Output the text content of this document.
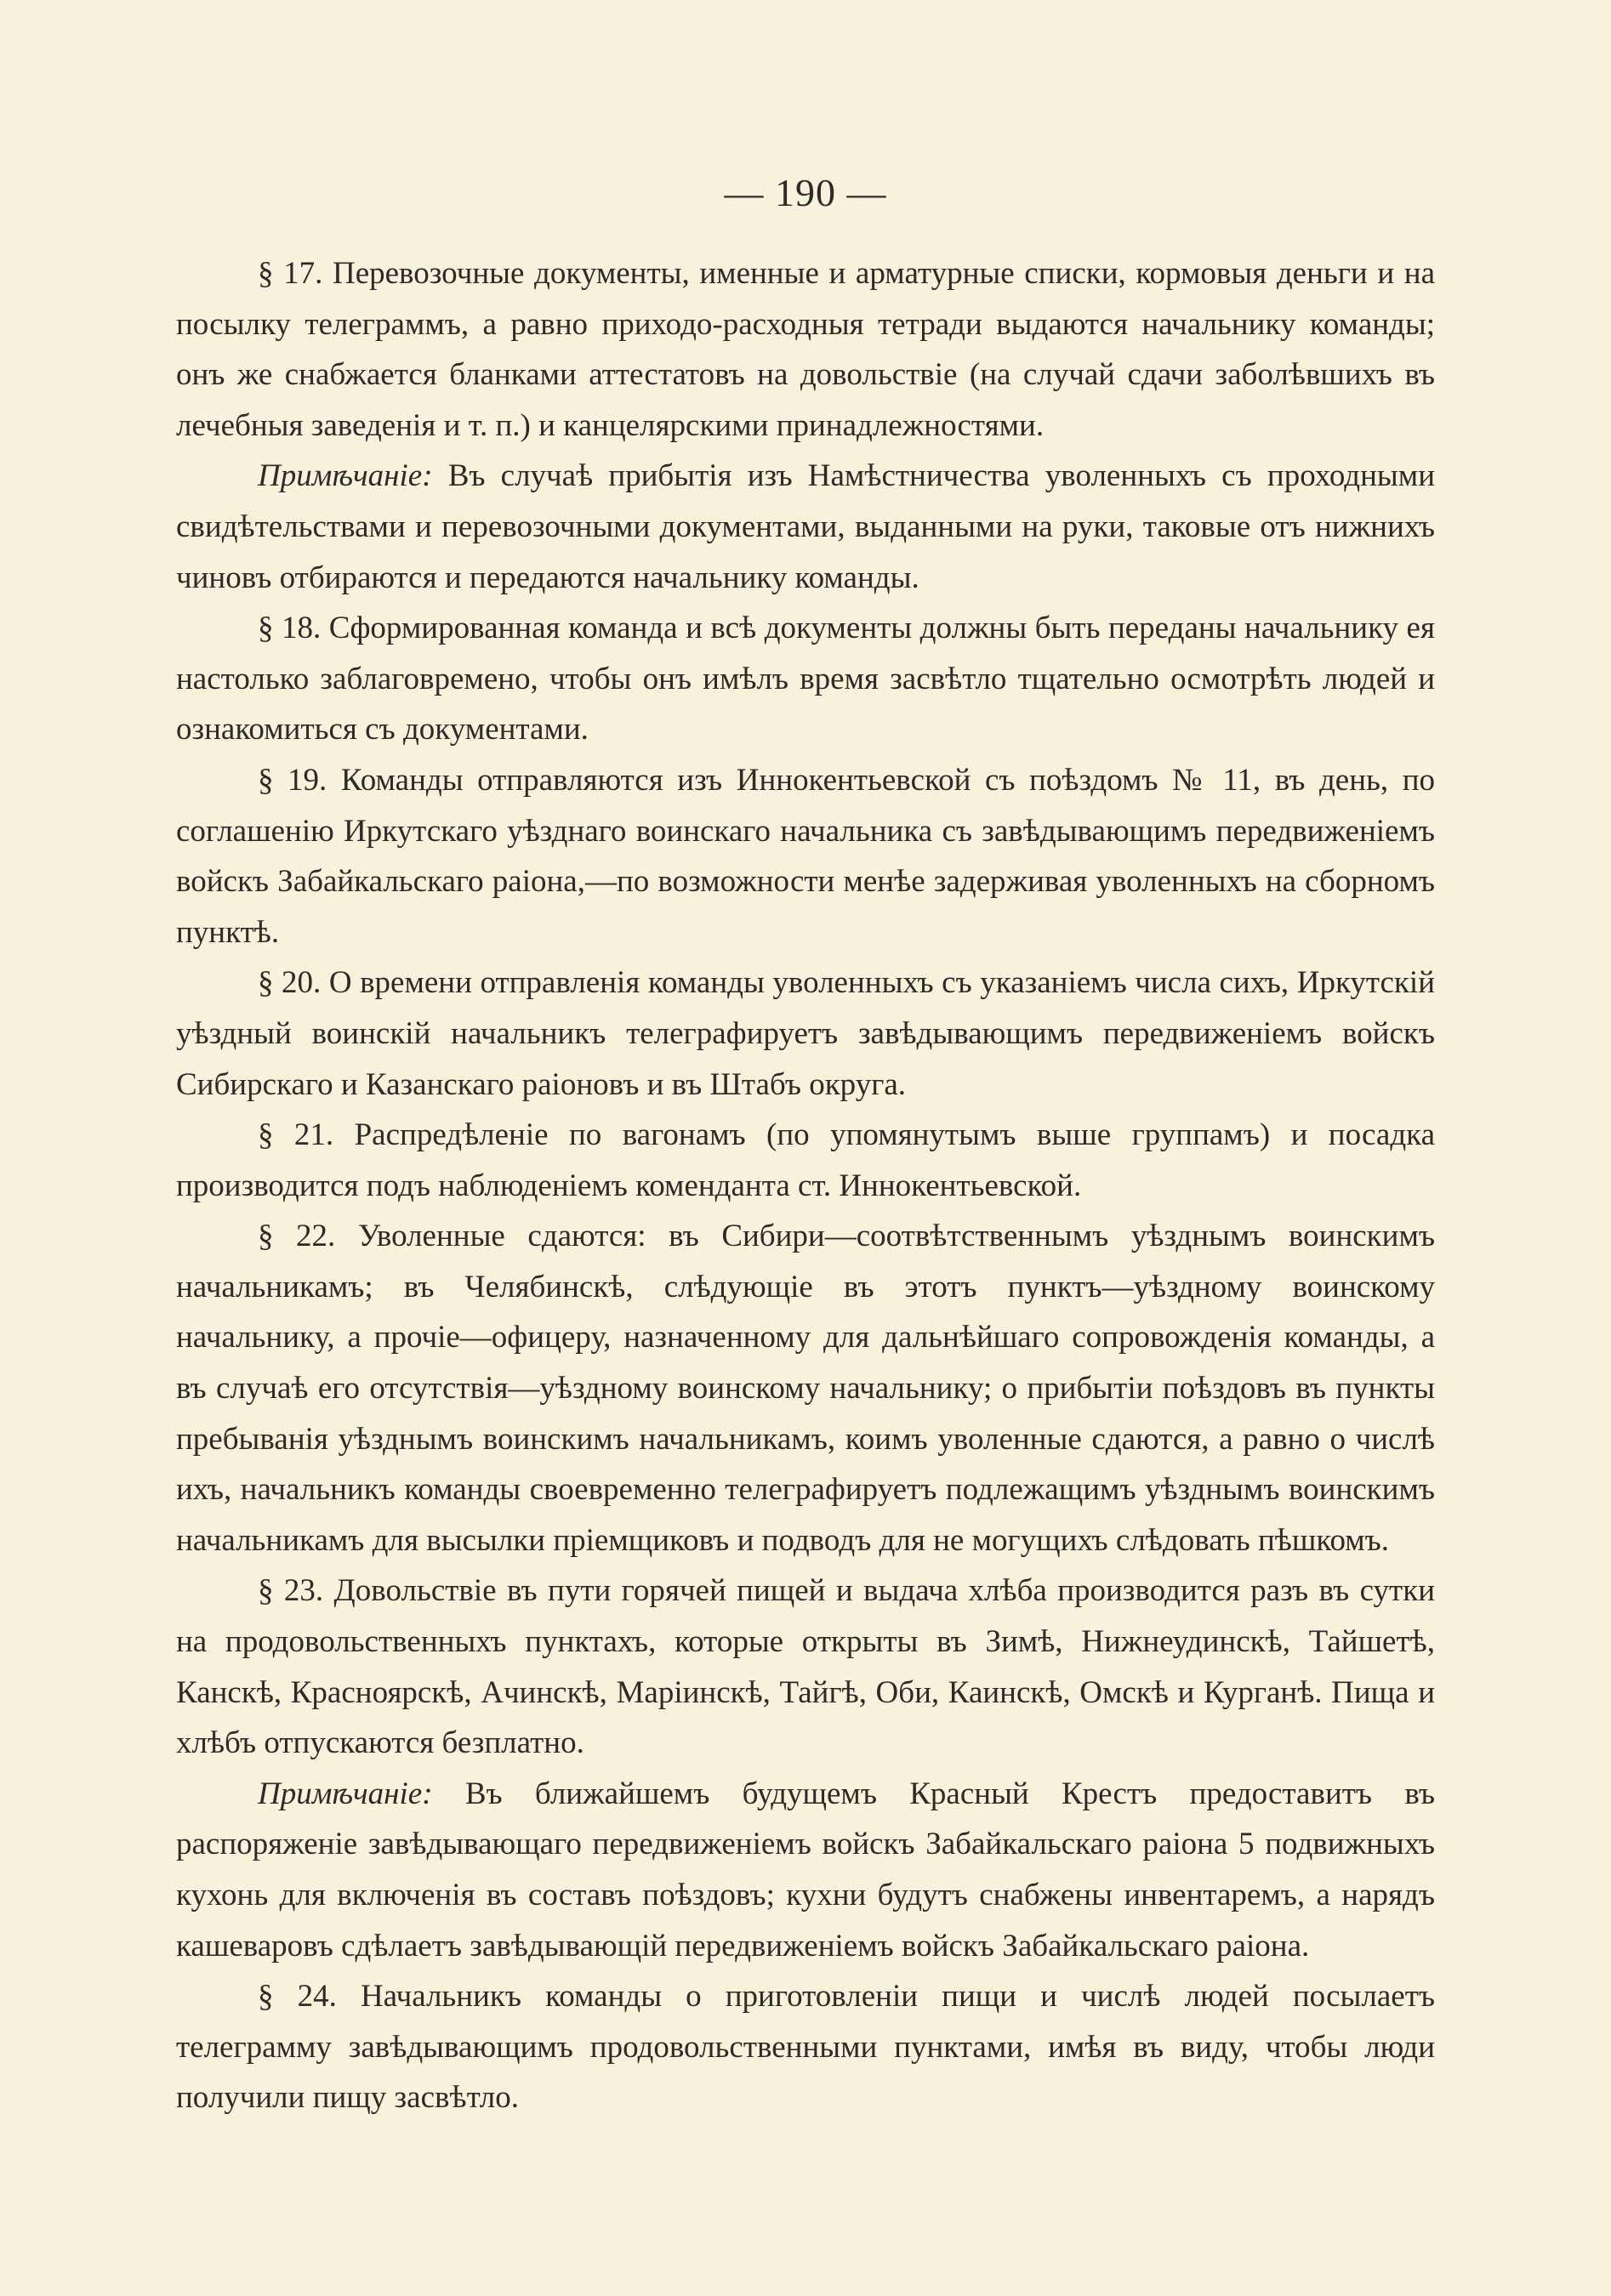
— 190 —

§ 17. Перевозочные документы, именные и арматурные списки, кормовыя деньги и на посылку телеграммъ, а равно приходо-расходныя тетради выдаются начальнику команды; онъ же снабжается бланками аттестатовъ на довольствіе (на случай сдачи заболѣвшихъ въ лечебныя заведенія и т. п.) и канцелярскими принадлежностями.

Примѣчаніе: Въ случаѣ прибытія изъ Намѣстничества уволенныхъ съ проходными свидѣтельствами и перевозочными документами, выданными на руки, таковые отъ нижнихъ чиновъ отбираются и передаются начальнику команды.

§ 18. Сформированная команда и всѣ документы должны быть переданы начальнику ея настолько заблаговремено, чтобы онъ имѣлъ время засвѣтло тщательно осмотрѣть людей и ознакомиться съ документами.

§ 19. Команды отправляются изъ Иннокентьевской съ поѣздомъ № 11, въ день, по соглашенію Иркутскаго уѣзднаго воинскаго начальника съ завѣдывающимъ передвиженіемъ войскъ Забайкальскаго раіона,—по возможности менѣе задерживая уволенныхъ на сборномъ пунктѣ.

§ 20. О времени отправленія команды уволенныхъ съ указаніемъ числа сихъ, Иркутскій уѣздный воинскій начальникъ телеграфируетъ завѣдывающимъ передвиженіемъ войскъ Сибирскаго и Казанскаго раіоновъ и въ Штабъ округа.

§ 21. Распредѣленіе по вагонамъ (по упомянутымъ выше группамъ) и посадка производится подъ наблюденіемъ коменданта ст. Иннокентьевской.

§ 22. Уволенные сдаются: въ Сибири—соотвѣтственнымъ уѣзднымъ воинскимъ начальникамъ; въ Челябинскѣ, слѣдующіе въ этотъ пунктъ—уѣздному воинскому начальнику, а прочіе—офицеру, назначенному для дальнѣйшаго сопровожденія команды, а въ случаѣ его отсутствія—уѣздному воинскому начальнику; о прибытіи поѣздовъ въ пункты пребыванія уѣзднымъ воинскимъ начальникамъ, коимъ уволенные сдаются, а равно о числѣ ихъ, начальникъ команды своевременно телеграфируетъ подлежащимъ уѣзднымъ воинскимъ начальникамъ для высылки пріемщиковъ и подводъ для не могущихъ слѣдовать пѣшкомъ.

§ 23. Довольствіе въ пути горячей пищей и выдача хлѣба производится разъ въ сутки на продовольственныхъ пунктахъ, которые открыты въ Зимѣ, Нижнеудинскѣ, Тайшетѣ, Канскѣ, Красноярскѣ, Ачинскѣ, Маріинскѣ, Тайгѣ, Оби, Каинскѣ, Омскѣ и Курганѣ. Пища и хлѣбъ отпускаются безплатно.

Примѣчаніе: Въ ближайшемъ будущемъ Красный Крестъ предоставитъ въ распоряженіе завѣдывающаго передвиженіемъ войскъ Забайкальскаго раіона 5 подвижныхъ кухонь для включенія въ составъ поѣздовъ; кухни будутъ снабжены инвентаремъ, а нарядъ кашеваровъ сдѣлаетъ завѣдывающій передвиженіемъ войскъ Забайкальскаго раіона.

§ 24. Начальникъ команды о приготовленіи пищи и числѣ людей посылаетъ телеграмму завѣдывающимъ продовольственными пунктами, имѣя въ виду, чтобы люди получили пищу засвѣтло.
